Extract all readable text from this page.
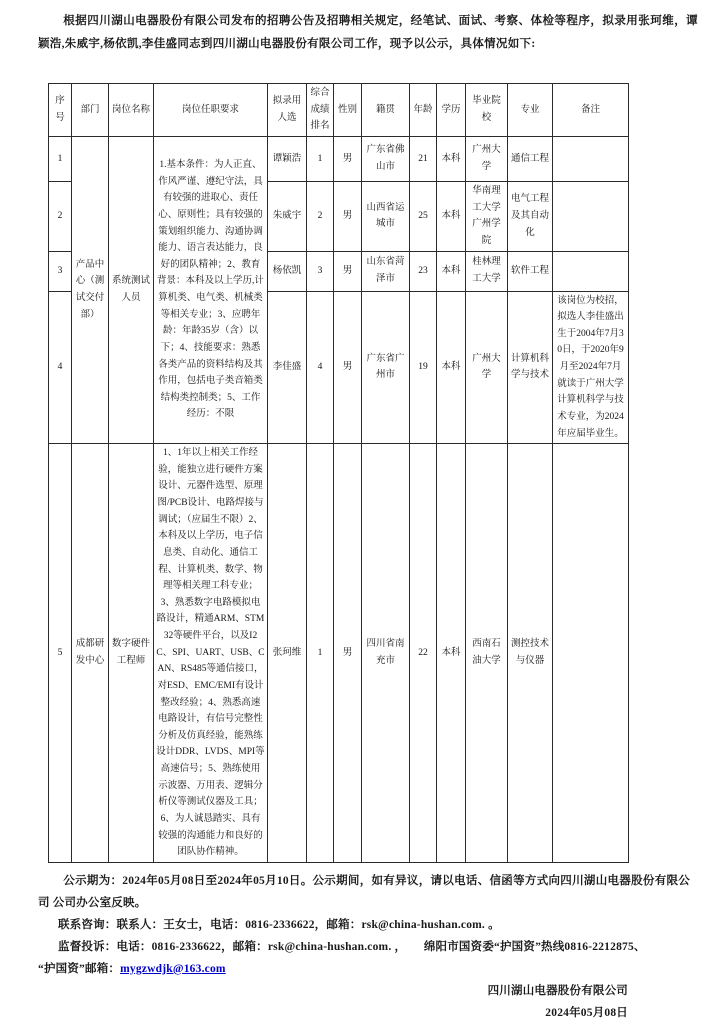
根据四川湖山电器股份有限公司发布的招聘公告及招聘相关规定，经笔试、面试、考察、体检等程序，拟录用张珂维，谭颖浩,朱威宇,杨依凯,李佳盛同志到四川湖山电器股份有限公司工作，现予以公示，具体情况如下:

序号	部门	岗位名称	岗位任职要求	拟录用人选	综合成绩排名	性别	籍贯	年龄	学历	毕业院校	专业	备注
1	产品中心（测试交付部）	系统测试人员	1.基本条件：为人正直、作风严谨、遵纪守法，具有较强的进取心、责任心、原则性；具有较强的策划组织能力、沟通协调能力、语言表达能力，良好的团队精神；2、教育背景：本科及以上学历,计算机类、电气类、机械类等相关专业；3、应聘年龄：年龄35岁（含）以下；4、技能要求：熟悉各类产品的资料结构及其作用，包括电子类音箱类结构类控制类；5、工作经历：不限	谭颖浩	1	男	广东省佛山市	21	本科	广州大学	通信工程	
2				朱威宇	2	男	山西省运城市	25	本科	华南理工大学广州学院	电气工程及其自动化	
3				杨依凯	3	男	山东省菏泽市	23	本科	桂林理工大学	软件工程	
4				李佳盛	4	男	广东省广州市	19	本科	广州大学	计算机科学与技术	该岗位为校招，拟选人李佳盛出生于2004年7月30日，于2020年9月至2024年7月就读于广州大学计算机科学与技术专业，为2024年应届毕业生。
5	成都研发中心	数字硬件工程师	1、1年以上相关工作经验，能独立进行硬件方案设计、元器件选型、原理图/PCB设计、电路焊接与调试；（应届生不限）2、本科及以上学历，电子信息类、自动化、通信工程、计算机类、数学、物理等相关理工科专业；3、熟悉数字电路模拟电路设计，精通ARM、STM32等硬件平台，以及I2C、SPI、UART、USB、CAN、RS485等通信接口，对ESD、EMC/EMI有设计整改经验；4、熟悉高速电路设计，有信号完整性分析及仿真经验，能熟练设计DDR、LVDS、MPI等高速信号；5、熟练使用示波器、万用表、逻辑分析仪等测试仪器及工具；6、为人诚恳踏实、具有较强的沟通能力和良好的团队协作精神。	张珂维	1	男	四川省南充市	22	本科	西南石油大学	测控技术与仪器	

公示期为：2024年05月08日至2024年05月10日。公示期间，如有异议，请以电话、信函等方式向四川湖山电器股份有限公司 公司办公室反映。

联系咨询：联系人：王女士，电话：0816-2336622，邮箱：rsk@china-hushan.com. 。

监督投诉：电话：0816-2336622，邮箱：rsk@china-hushan.com. ，　　绵阳市国资委“护国资”热线0816-2212875、

“护国资”邮箱：mygzwdjk@163.com

四川湖山电器股份有限公司

2024年05月08日
